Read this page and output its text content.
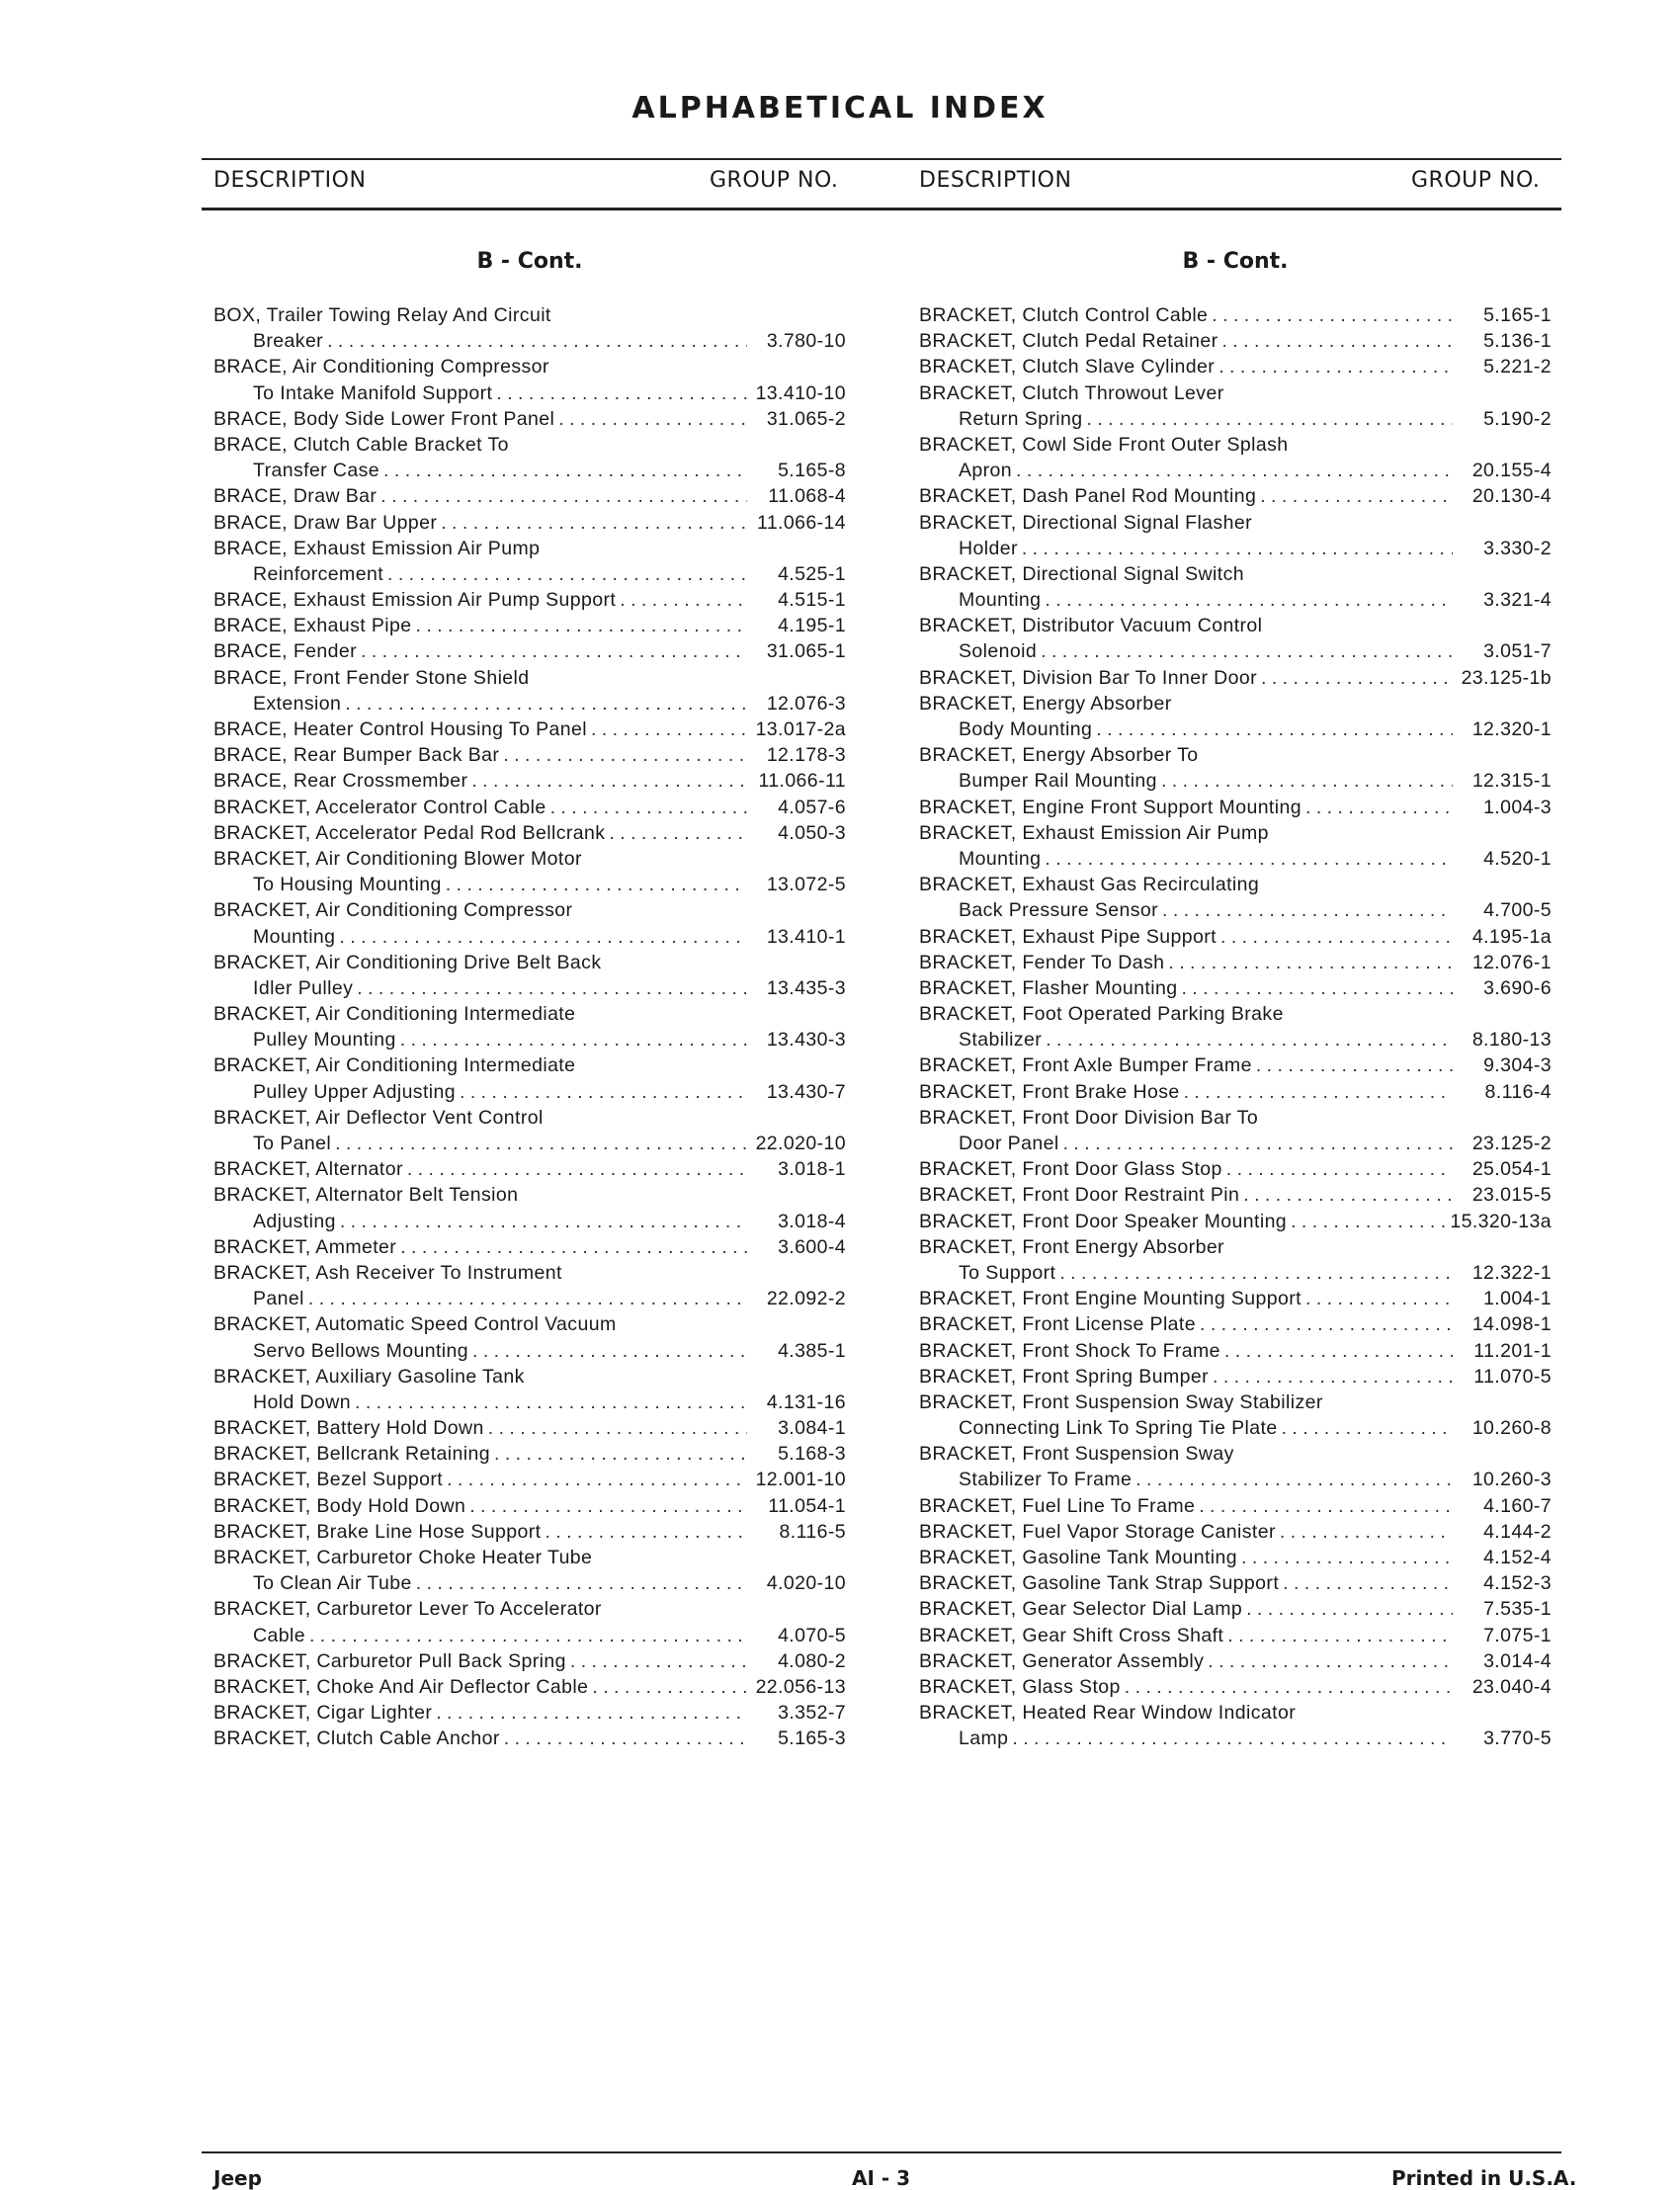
ALPHABETICAL INDEX
DESCRIPTION	GROUP NO.	DESCRIPTION	GROUP NO.
B - Cont.
BOX, Trailer Towing Relay And Circuit
Breaker . . .	3.780-10
BRACE, Air Conditioning Compressor
To Intake Manifold Support . . .	13.410-10
BRACE, Body Side Lower Front Panel . . .	31.065-2
BRACE, Clutch Cable Bracket To
Transfer Case . . .	5.165-8
BRACE, Draw Bar . . .	11.068-4
BRACE, Draw Bar Upper . . .	11.066-14
BRACE, Exhaust Emission Air Pump
Reinforcement . . .	4.525-1
BRACE, Exhaust Emission Air Pump Support . . .	4.515-1
BRACE, Exhaust Pipe . . .	4.195-1
BRACE, Fender . . .	31.065-1
BRACE, Front Fender Stone Shield
Extension . . .	12.076-3
BRACE, Heater Control Housing To Panel . . .	13.017-2a
BRACE, Rear Bumper Back Bar . . .	12.178-3
BRACE, Rear Crossmember . . .	11.066-11
BRACKET, Accelerator Control Cable . . .	4.057-6
BRACKET, Accelerator Pedal Rod Bellcrank . . .	4.050-3
BRACKET, Air Conditioning Blower Motor
To Housing Mounting . . .	13.072-5
BRACKET, Air Conditioning Compressor
Mounting . . .	13.410-1
BRACKET, Air Conditioning Drive Belt Back
Idler Pulley . . .	13.435-3
BRACKET, Air Conditioning Intermediate
Pulley Mounting . . .	13.430-3
BRACKET, Air Conditioning Intermediate
Pulley Upper Adjusting . . .	13.430-7
BRACKET, Air Deflector Vent Control
To Panel . . .	22.020-10
BRACKET, Alternator . . .	3.018-1
BRACKET, Alternator Belt Tension
Adjusting . . .	3.018-4
BRACKET, Ammeter . . .	3.600-4
BRACKET, Ash Receiver To Instrument
Panel . . .	22.092-2
BRACKET, Automatic Speed Control Vacuum
Servo Bellows Mounting . . .	4.385-1
BRACKET, Auxiliary Gasoline Tank
Hold Down . . .	4.131-16
BRACKET, Battery Hold Down . . .	3.084-1
BRACKET, Bellcrank Retaining . . .	5.168-3
BRACKET, Bezel Support . . .	12.001-10
BRACKET, Body Hold Down . . .	11.054-1
BRACKET, Brake Line Hose Support . . .	8.116-5
BRACKET, Carburetor Choke Heater Tube
To Clean Air Tube . . .	4.020-10
BRACKET, Carburetor Lever To Accelerator
Cable . . .	4.070-5
BRACKET, Carburetor Pull Back Spring . . .	4.080-2
BRACKET, Choke And Air Deflector Cable . . .	22.056-13
BRACKET, Cigar Lighter . . .	3.352-7
BRACKET, Clutch Cable Anchor . . .	5.165-3
B - Cont.
BRACKET, Clutch Control Cable . . .	5.165-1
BRACKET, Clutch Pedal Retainer . . .	5.136-1
BRACKET, Clutch Slave Cylinder . . .	5.221-2
BRACKET, Clutch Throwout Lever
Return Spring . . .	5.190-2
BRACKET, Cowl Side Front Outer Splash
Apron . . .	20.155-4
BRACKET, Dash Panel Rod Mounting . . .	20.130-4
BRACKET, Directional Signal Flasher
Holder . . .	3.330-2
BRACKET, Directional Signal Switch
Mounting . . .	3.321-4
BRACKET, Distributor Vacuum Control
Solenoid . . .	3.051-7
BRACKET, Division Bar To Inner Door . . .	23.125-1b
BRACKET, Energy Absorber
Body Mounting . . .	12.320-1
BRACKET, Energy Absorber To
Bumper Rail Mounting . . .	12.315-1
BRACKET, Engine Front Support Mounting . . .	1.004-3
BRACKET, Exhaust Emission Air Pump
Mounting . . .	4.520-1
BRACKET, Exhaust Gas Recirculating
Back Pressure Sensor . . .	4.700-5
BRACKET, Exhaust Pipe Support . . .	4.195-1a
BRACKET, Fender To Dash . . .	12.076-1
BRACKET, Flasher Mounting . . .	3.690-6
BRACKET, Foot Operated Parking Brake
Stabilizer . . .	8.180-13
BRACKET, Front Axle Bumper Frame . . .	9.304-3
BRACKET, Front Brake Hose . . .	8.116-4
BRACKET, Front Door Division Bar To
Door Panel . . .	23.125-2
BRACKET, Front Door Glass Stop . . .	25.054-1
BRACKET, Front Door Restraint Pin . . .	23.015-5
BRACKET, Front Door Speaker Mounting . . .	15.320-13a
BRACKET, Front Energy Absorber
To Support . . .	12.322-1
BRACKET, Front Engine Mounting Support . . .	1.004-1
BRACKET, Front License Plate . . .	14.098-1
BRACKET, Front Shock To Frame . . .	11.201-1
BRACKET, Front Spring Bumper . . .	11.070-5
BRACKET, Front Suspension Sway Stabilizer
Connecting Link To Spring Tie Plate . . .	10.260-8
BRACKET, Front Suspension Sway
Stabilizer To Frame . . .	10.260-3
BRACKET, Fuel Line To Frame . . .	4.160-7
BRACKET, Fuel Vapor Storage Canister . . .	4.144-2
BRACKET, Gasoline Tank Mounting . . .	4.152-4
BRACKET, Gasoline Tank Strap Support . . .	4.152-3
BRACKET, Gear Selector Dial Lamp . . .	7.535-1
BRACKET, Gear Shift Cross Shaft . . .	7.075-1
BRACKET, Generator Assembly . . .	3.014-4
BRACKET, Glass Stop . . .	23.040-4
BRACKET, Heated Rear Window Indicator
Lamp . . .	3.770-5
Jeep	AI - 3	Printed in U.S.A.
